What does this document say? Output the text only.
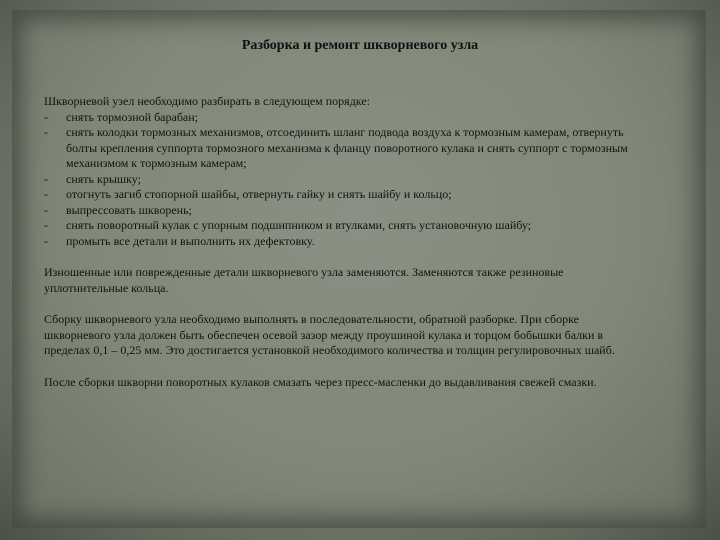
Разборка и ремонт шкворневого узла

Шкворневой узел необходимо разбирать в следующем порядке:

- снять тормозной барабан;
- снять колодки тормозных механизмов, отсоединить шланг подвода воздуха к тормозным камерам, отвернуть болты крепления суппорта тормозного механизма к фланцу поворотного кулака и снять суппорт с тормозным механизмом к тормозным камерам;
- снять крышку;
- отогнуть загиб стопорной шайбы, отвернуть гайку и снять шайбу и кольцо;
- выпрессовать шкворень;
- снять поворотный кулак с упорным подшипником и втулками, снять установочную шайбу;
- промыть все детали и выполнить их дефектовку.

Изношенные или поврежденные детали шкворневого узла заменяются. Заменяются также резиновые уплотнительные кольца.

Сборку шкворневого узла необходимо выполнять в последовательности, обратной разборке. При сборке шкворневого узла должен быть обеспечен осевой зазор между проушиной кулака и торцом бобышки балки в пределах 0,1 – 0,25 мм. Это достигается установкой необходимого количества и толщин регулировочных шайб.

После сборки шкворни поворотных кулаков смазать через пресс-масленки до выдавливания свежей смазки.
